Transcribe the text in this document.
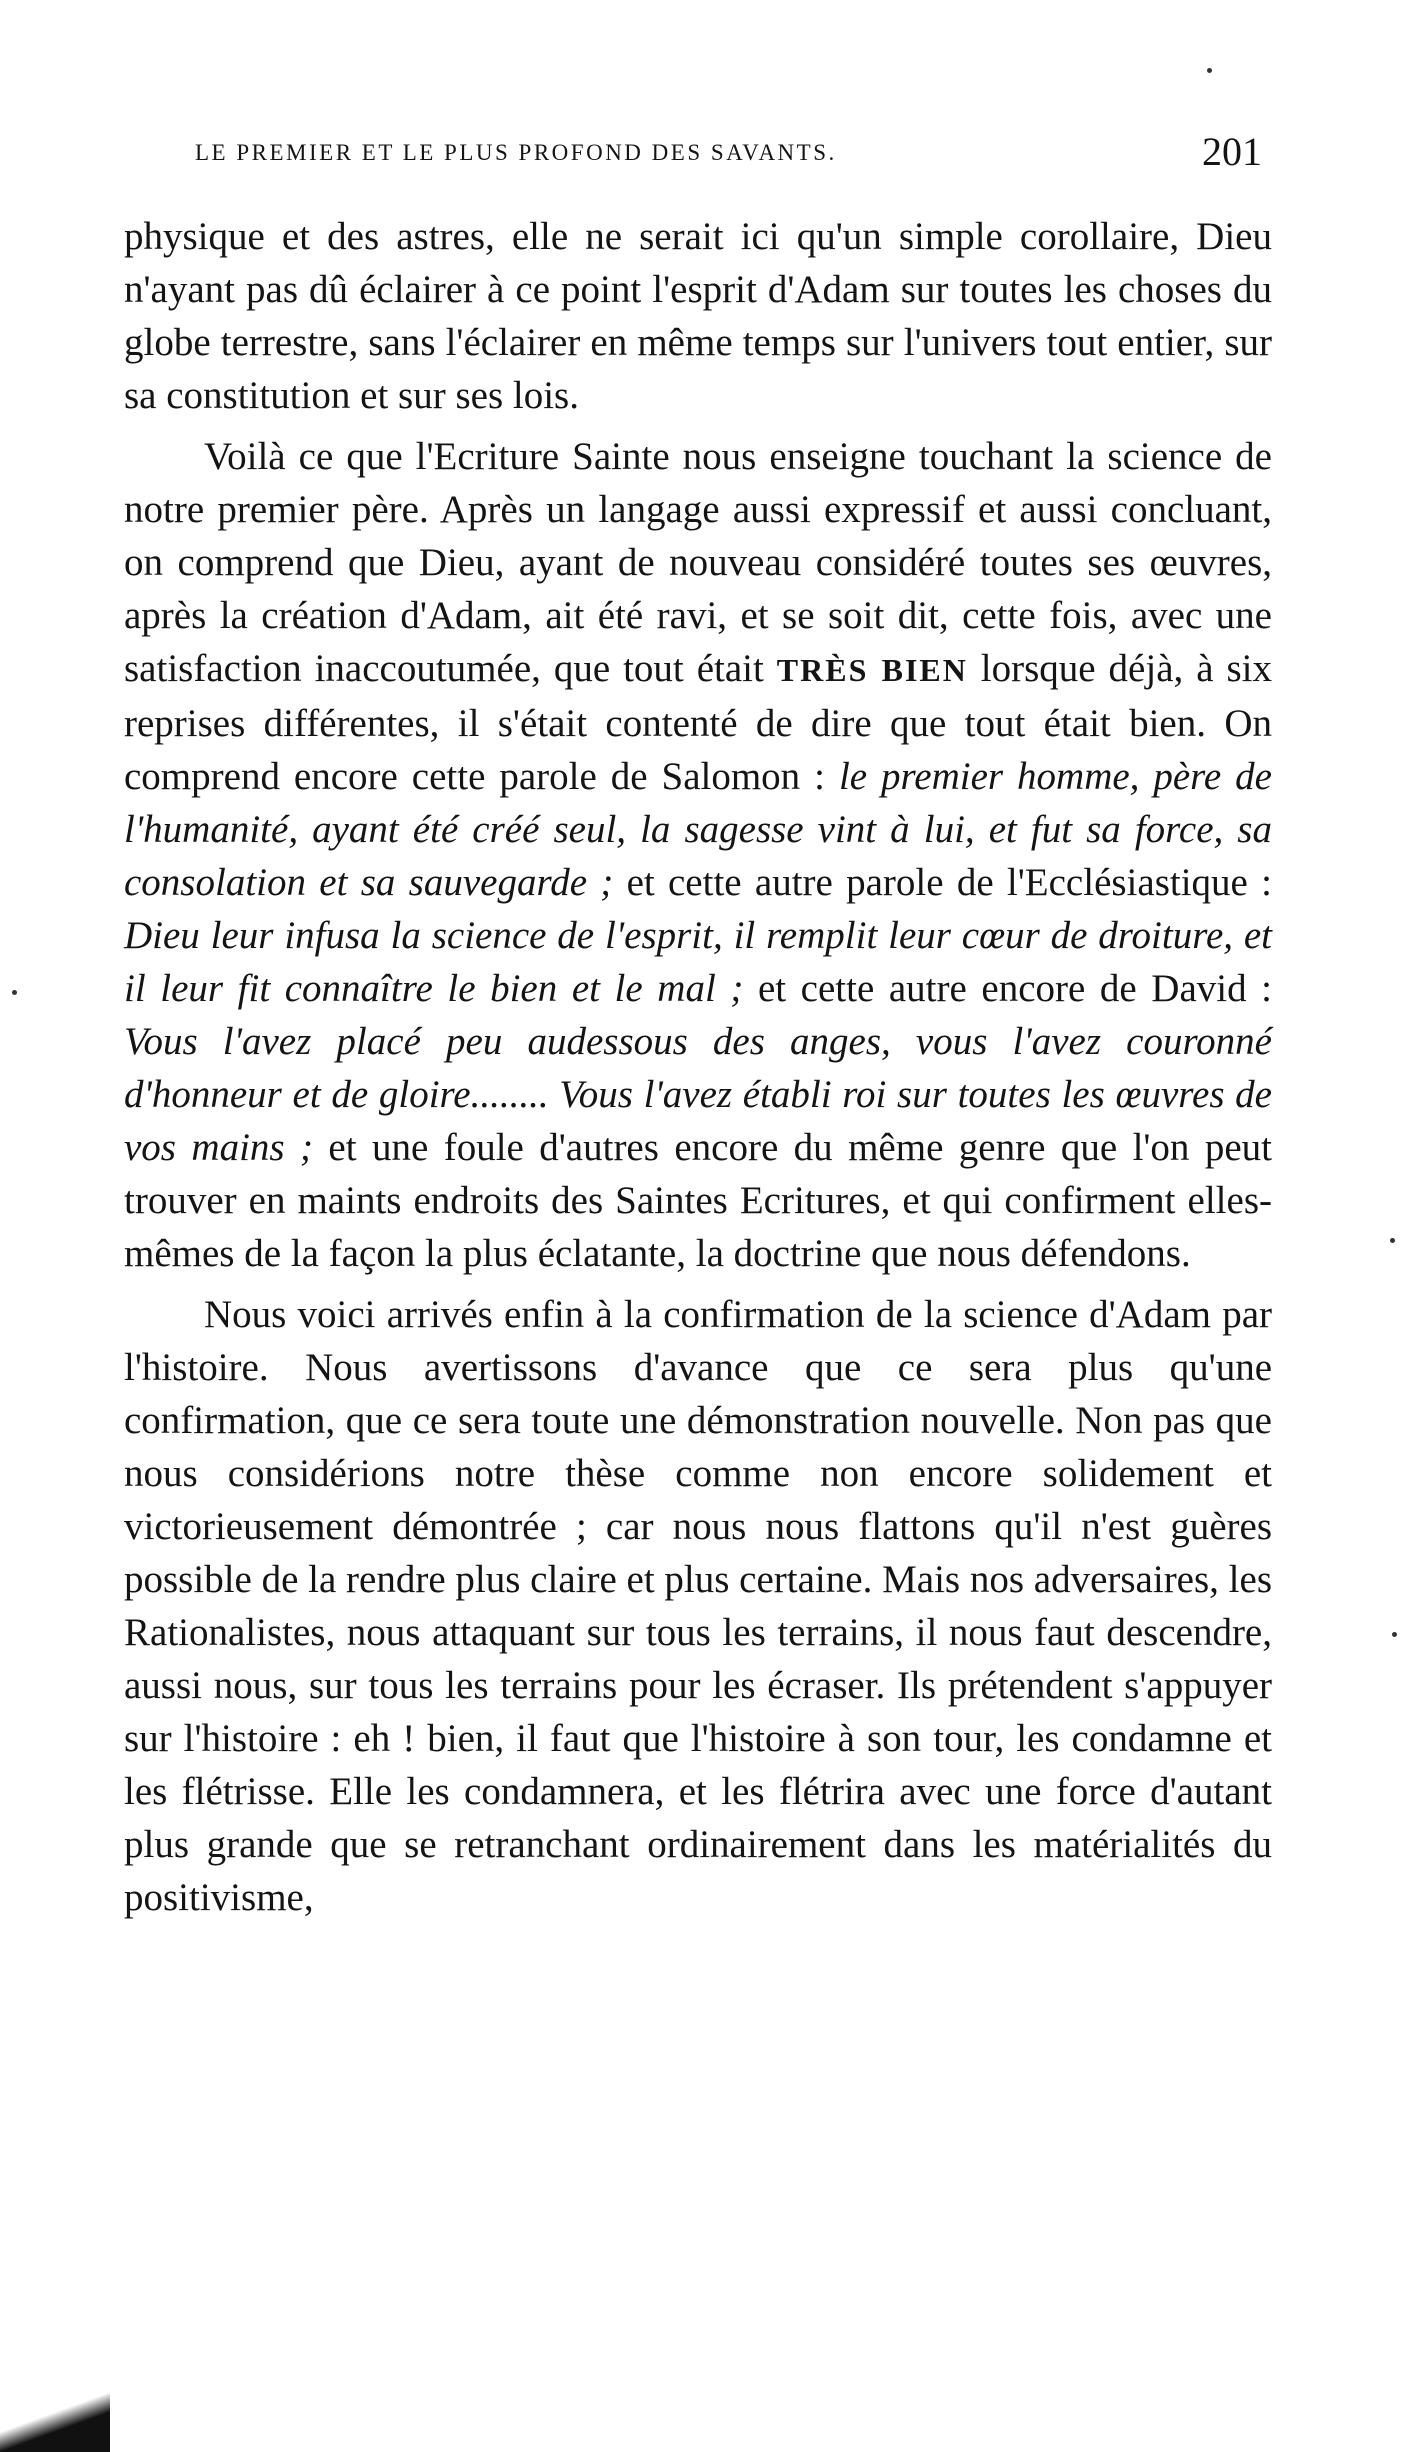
LE PREMIER ET LE PLUS PROFOND DES SAVANTS.	201

physique et des astres, elle ne serait ici qu'un simple corollaire, Dieu n'ayant pas dû éclairer à ce point l'esprit d'Adam sur toutes les choses du globe terrestre, sans l'éclairer en même temps sur l'univers tout entier, sur sa constitution et sur ses lois.

Voilà ce que l'Ecriture Sainte nous enseigne touchant la science de notre premier père. Après un langage aussi expressif et aussi concluant, on comprend que Dieu, ayant de nouveau considéré toutes ses œuvres, après la création d'Adam, ait été ravi, et se soit dit, cette fois, avec une satisfaction inaccoutumée, que tout était TRÈS BIEN lorsque déjà, à six reprises différentes, il s'était contenté de dire que tout était bien. On comprend encore cette parole de Salomon : le premier homme, père de l'humanité, ayant été créé seul, la sagesse vint à lui, et fut sa force, sa consolation et sa sauvegarde ; et cette autre parole de l'Ecclésiastique : Dieu leur infusa la science de l'esprit, il remplit leur cœur de droiture, et il leur fit connaître le bien et le mal ; et cette autre encore de David : Vous l'avez placé peu audessous des anges, vous l'avez couronné d'honneur et de gloire........ Vous l'avez établi roi sur toutes les œuvres de vos mains ; et une foule d'autres encore du même genre que l'on peut trouver en maints endroits des Saintes Ecritures, et qui confirment elles-mêmes de la façon la plus éclatante, la doctrine que nous défendons.

Nous voici arrivés enfin à la confirmation de la science d'Adam par l'histoire. Nous avertissons d'avance que ce sera plus qu'une confirmation, que ce sera toute une démonstration nouvelle. Non pas que nous considérions notre thèse comme non encore solidement et victorieusement démontrée ; car nous nous flattons qu'il n'est guères possible de la rendre plus claire et plus certaine. Mais nos adversaires, les Rationalistes, nous attaquant sur tous les terrains, il nous faut descendre, aussi nous, sur tous les terrains pour les écraser. Ils prétendent s'appuyer sur l'histoire : eh ! bien, il faut que l'histoire à son tour, les condamne et les flétrisse. Elle les condamnera, et les flétrira avec une force d'autant plus grande que se retranchant ordinairement dans les matérialités du positivisme,
